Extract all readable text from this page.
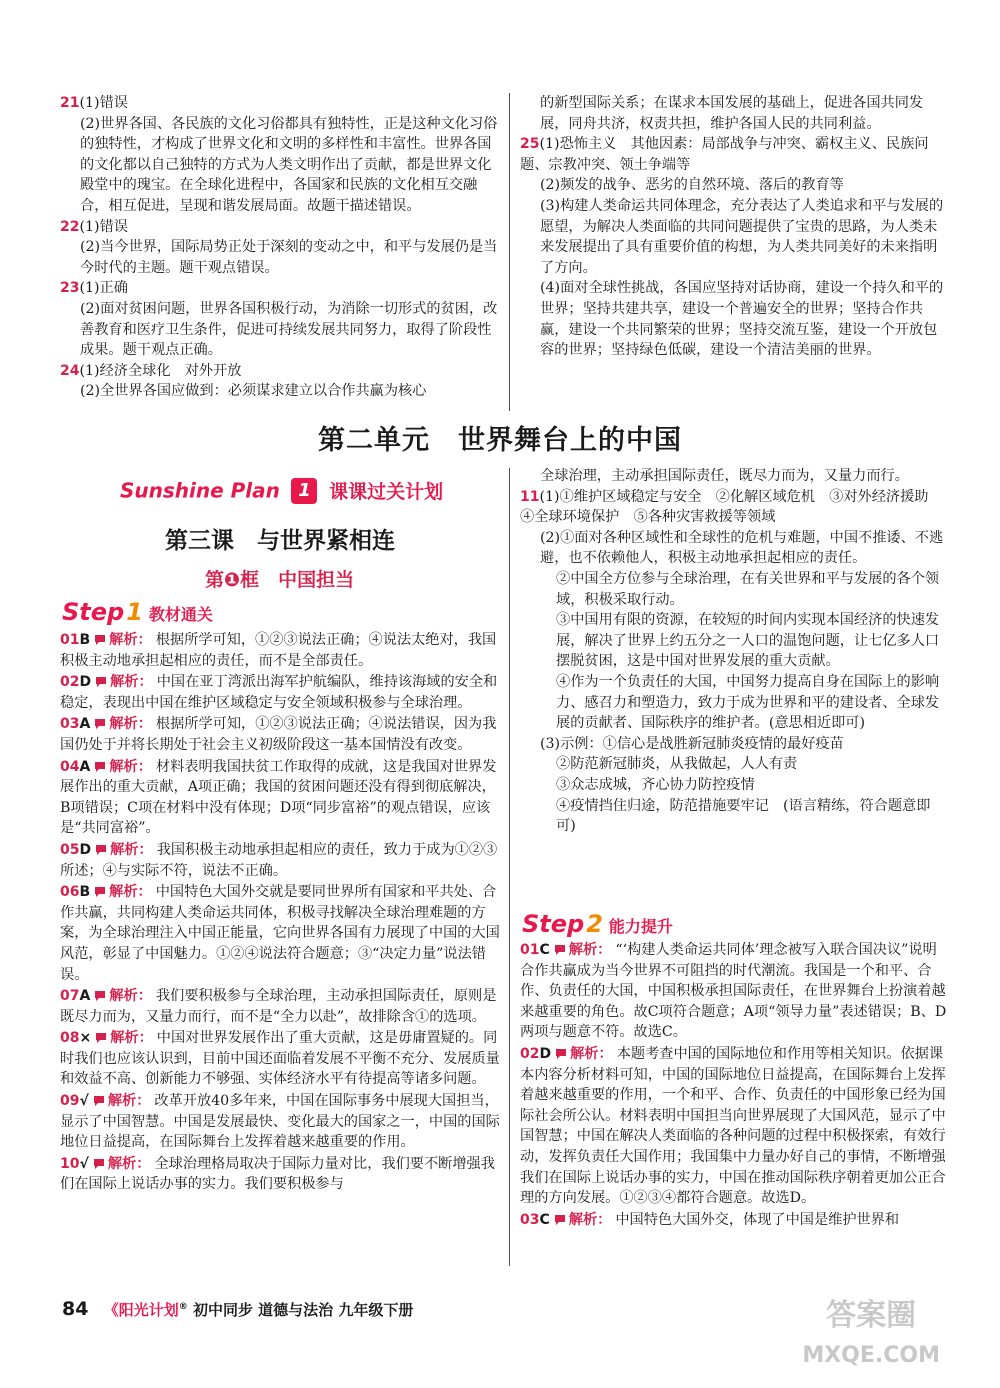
21(1)错误
(2)世界各国、各民族的文化习俗都具有独特性，正是这种文化习俗的独特性，才构成了世界文化和文明的多样性和丰富性。世界各国的文化都以自己独特的方式为人类文明作出了贡献，都是世界文化殿堂中的瑰宝。在全球化进程中，各国家和民族的文化相互交融合，相互促进，呈现和谐发展局面。故题干描述错误。
22(1)错误
(2)当今世界，国际局势正处于深刻的变动之中，和平与发展仍是当今时代的主题。题干观点错误。
23(1)正确
(2)面对贫困问题，世界各国积极行动，为消除一切形式的贫困，改善教育和医疗卫生条件，促进可持续发展共同努力，取得了阶段性成果。题干观点正确。
24(1)经济全球化　对外开放
(2)全世界各国应做到：必须谋求建立以合作共赢为核心
的新型国际关系；在谋求本国发展的基础上，促进各国共同发展，同舟共济，权责共担，维护各国人民的共同利益。
25(1)恐怖主义　其他因素：局部战争与冲突、霸权主义、民族问题、宗教冲突、领土争端等
(2)频发的战争、恶劣的自然环境、落后的教育等
(3)构建人类命运共同体理念，充分表达了人类追求和平与发展的愿望，为解决人类面临的共同问题提供了宝贵的思路，为人类未来发展提出了具有重要价值的构想，为人类共同美好的未来指明了方向。
(4)面对全球性挑战，各国应坚持对话协商，建设一个持久和平的世界；坚持共建共享，建设一个普遍安全的世界；坚持合作共赢，建设一个共同繁荣的世界；坚持交流互鉴，建设一个开放包容的世界；坚持绿色低碳，建设一个清洁美丽的世界。
第二单元　世界舞台上的中国
Sunshine Plan 1 课课过关计划
第三课　与世界紧相连
第❶框　中国担当
Step1 教材通关
01B 解析： 根据所学可知，①②③说法正确；④说法太绝对，我国积极主动地承担起相应的责任，而不是全部责任。
02D 解析： 中国在亚丁湾派出海军护航编队，维持该海域的安全和稳定，表现出中国在维护区域稳定与安全领域积极参与全球治理。
03A 解析： 根据所学可知，①②③说法正确；④说法错误，因为我国仍处于并将长期处于社会主义初级阶段这一基本国情没有改变。
04A 解析： 材料表明我国扶贫工作取得的成就，这是我国对世界发展作出的重大贡献，A项正确；我国的贫困问题还没有得到彻底解决，B项错误；C项在材料中没有体现；D项“同步富裕”的观点错误，应该是“共同富裕”。
05D 解析： 我国积极主动地承担起相应的责任，致力于成为①②③所述；④与实际不符，说法不正确。
06B 解析： 中国特色大国外交就是要同世界所有国家和平共处、合作共赢，共同构建人类命运共同体，积极寻找解决全球治理难题的方案，为全球治理注入中国正能量，它向世界各国有力展现了中国的大国风范，彰显了中国魅力。①②④说法符合题意；③“决定力量”说法错误。
07A 解析： 我们要积极参与全球治理，主动承担国际责任，原则是既尽力而为，又量力而行，而不是“全力以赴”，故排除含①的选项。
08× 解析： 中国对世界发展作出了重大贡献，这是毋庸置疑的。同时我们也应该认识到，目前中国还面临着发展不平衡不充分、发展质量和效益不高、创新能力不够强、实体经济水平有待提高等诸多问题。
09√ 解析： 改革开放40多年来，中国在国际事务中展现大国担当，显示了中国智慧。中国是发展最快、变化最大的国家之一，中国的国际地位日益提高，在国际舞台上发挥着越来越重要的作用。
10√ 解析： 全球治理格局取决于国际力量对比，我们要不断增强我们在国际上说话办事的实力。我们要积极参与
全球治理，主动承担国际责任，既尽力而为，又量力而行。
11(1)①维护区域稳定与安全　②化解区域危机　③对外经济援助　④全球环境保护　⑤各种灾害救援等领域
(2)①面对各种区域性和全球性的危机与难题，中国不推诿、不逃避，也不依赖他人，积极主动地承担起相应的责任。
②中国全方位参与全球治理，在有关世界和平与发展的各个领域，积极采取行动。
③中国用有限的资源，在较短的时间内实现本国经济的快速发展，解决了世界上约五分之一人口的温饱问题，让七亿多人口摆脱贫困，这是中国对世界发展的重大贡献。
④作为一个负责任的大国，中国努力提高自身在国际上的影响力、感召力和塑造力，致力于成为世界和平的建设者、全球发展的贡献者、国际秩序的维护者。(意思相近即可)
(3)示例：①信心是战胜新冠肺炎疫情的最好疫苗
②防范新冠肺炎，从我做起，人人有责
③众志成城，齐心协力防控疫情
④疫情挡住归途，防范措施要牢记　(语言精练，符合题意即可)
Step2 能力提升
01C 解析： “‘构建人类命运共同体’理念被写入联合国决议”说明合作共赢成为当今世界不可阻挡的时代潮流。我国是一个和平、合作、负责任的大国，中国积极承担国际责任，在世界舞台上扮演着越来越重要的角色。故C项符合题意；A项“领导力量”表述错误；B、D两项与题意不符。故选C。
02D 解析： 本题考查中国的国际地位和作用等相关知识。依据课本内容分析材料可知，中国的国际地位日益提高，在国际舞台上发挥着越来越重要的作用，一个和平、合作、负责任的中国形象已经为国际社会所公认。材料表明中国担当向世界展现了大国风范，显示了中国智慧；中国在解决人类面临的各种问题的过程中积极探索，有效行动，发挥负责任大国作用；我国集中力量办好自己的事情，不断增强我们在国际上说话办事的实力，中国在推动国际秩序朝着更加公正合理的方向发展。①②③④都符合题意。故选D。
03C 解析： 中国特色大国外交，体现了中国是维护世界和
84 《阳光计划® 初中同步 道德与法治 九年级下册	答案圈
MXQE.COM
